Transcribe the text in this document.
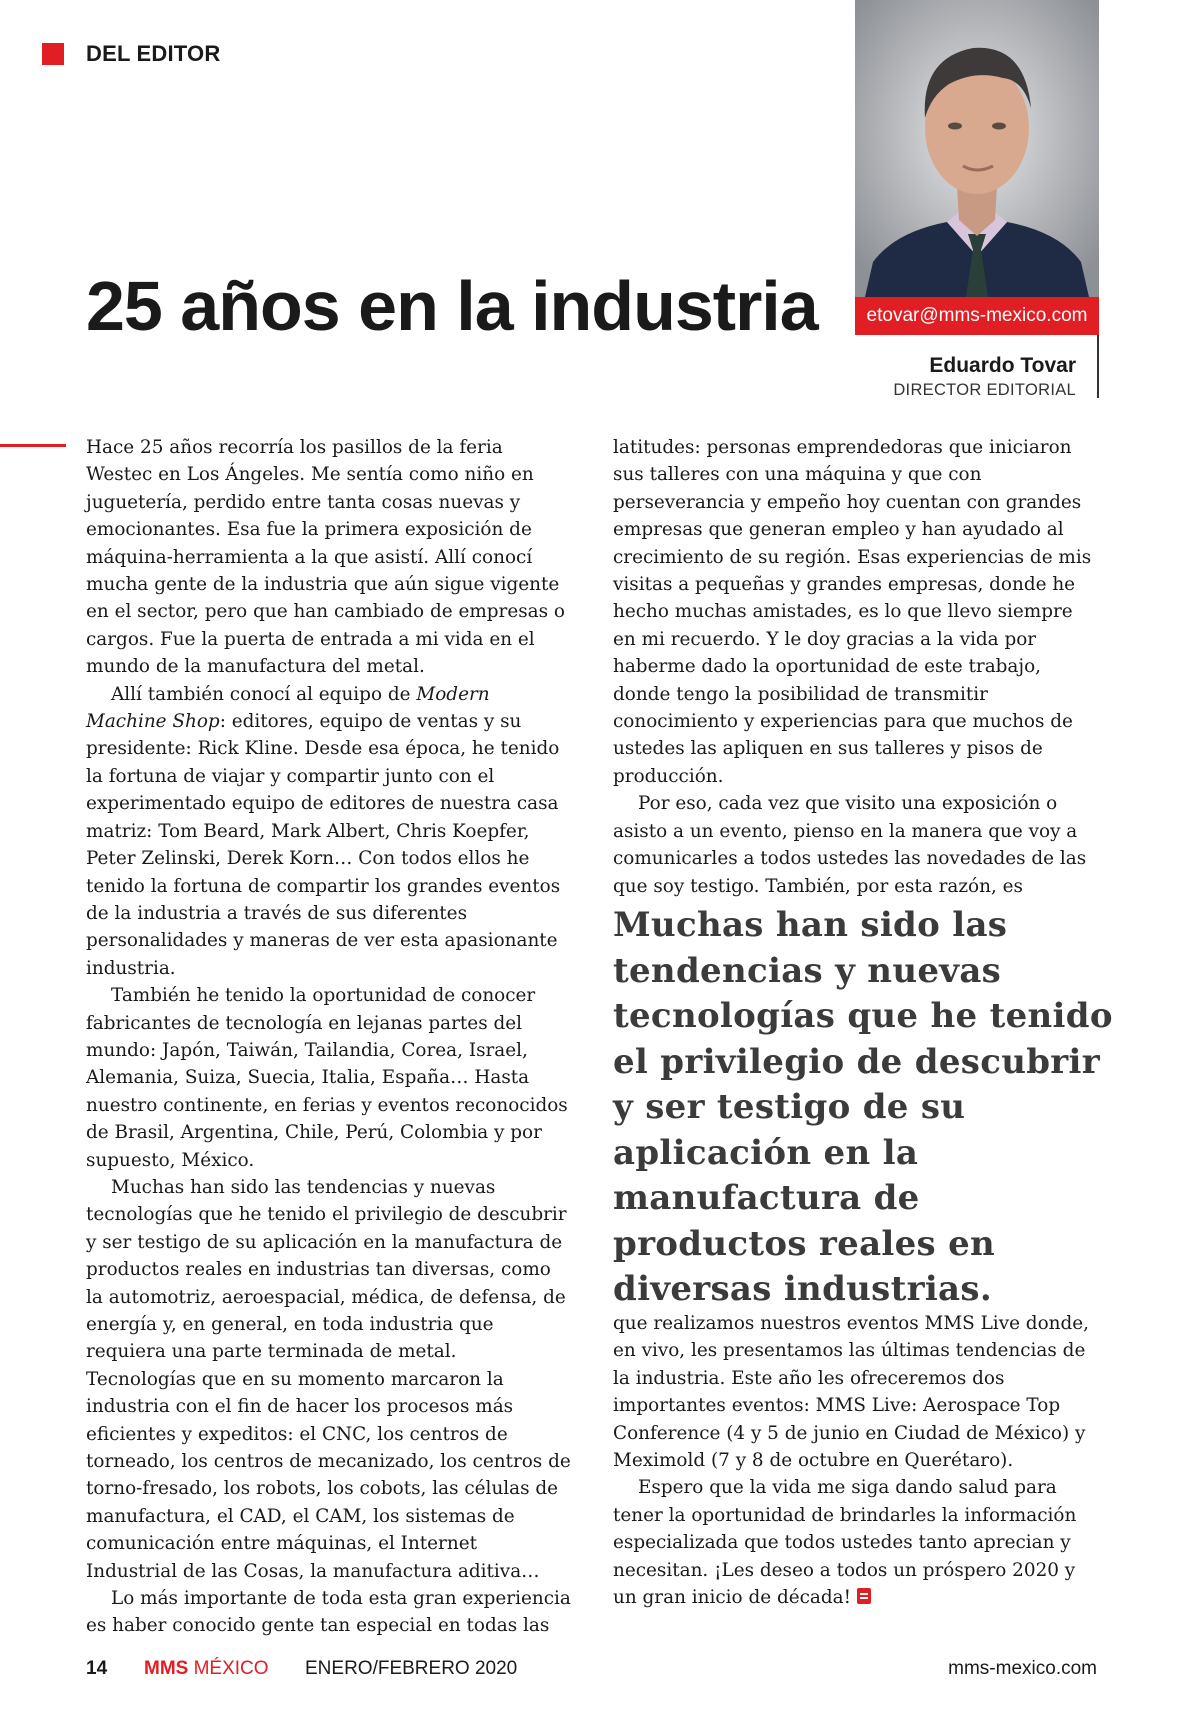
DEL EDITOR
25 años en la industria	etovar@mms-mexico.com
Eduardo Tovar
DIRECTOR EDITORIAL

Hace 25 años recorría los pasillos de la feria Westec en Los Ángeles. Me sentía como niño en juguetería, perdido entre tanta cosas nuevas y emocionantes. Esa fue la primera exposición de máquina-herramienta a la que asistí. Allí conocí mucha gente de la industria que aún sigue vigente en el sector, pero que han cambiado de empresas o cargos. Fue la puerta de entrada a mi vida en el mundo de la manufactura del metal.

Allí también conocí al equipo de Modern Machine Shop: editores, equipo de ventas y su presidente: Rick Kline. Desde esa época, he tenido la fortuna de viajar y compartir junto con el experimentado equipo de editores de nuestra casa matriz: Tom Beard, Mark Albert, Chris Koepfer, Peter Zelinski, Derek Korn… Con todos ellos he tenido la fortuna de compartir los grandes eventos de la industria a través de sus diferentes personalidades y maneras de ver esta apasionante industria.

También he tenido la oportunidad de conocer fabricantes de tecnología en lejanas partes del mundo: Japón, Taiwán, Tailandia, Corea, Israel, Alemania, Suiza, Suecia, Italia, España… Hasta nuestro continente, en ferias y eventos reconocidos de Brasil, Argentina, Chile, Perú, Colombia y por supuesto, México.

Muchas han sido las tendencias y nuevas tecnologías que he tenido el privilegio de descubrir y ser testigo de su aplicación en la manufactura de productos reales en industrias tan diversas, como la automotriz, aeroespacial, médica, de defensa, de energía y, en general, en toda industria que requiera una parte terminada de metal. Tecnologías que en su momento marcaron la industria con el fin de hacer los procesos más eficientes y expeditos: el CNC, los centros de torneado, los centros de mecanizado, los centros de torno-fresado, los robots, los cobots, las células de manufactura, el CAD, el CAM, los sistemas de comunicación entre máquinas, el Internet Industrial de las Cosas, la manufactura aditiva…

Lo más importante de toda esta gran experiencia es haber conocido gente tan especial en todas las

latitudes: personas emprendedoras que iniciaron sus talleres con una máquina y que con perseverancia y empeño hoy cuentan con grandes empresas que generan empleo y han ayudado al crecimiento de su región. Esas experiencias de mis visitas a pequeñas y grandes empresas, donde he hecho muchas amistades, es lo que llevo siempre en mi recuerdo. Y le doy gracias a la vida por haberme dado la oportunidad de este trabajo, donde tengo la posibilidad de transmitir conocimiento y experiencias para que muchos de ustedes las apliquen en sus talleres y pisos de producción.

Por eso, cada vez que visito una exposición o asisto a un evento, pienso en la manera que voy a comunicarles a todos ustedes las novedades de las que soy testigo. También, por esta razón, es

Muchas han sido las tendencias y nuevas tecnologías que he tenido el privilegio de descubrir y ser testigo de su aplicación en la manufactura de productos reales en diversas industrias.

que realizamos nuestros eventos MMS Live donde, en vivo, les presentamos las últimas tendencias de la industria. Este año les ofreceremos dos importantes eventos: MMS Live: Aerospace Top Conference (4 y 5 de junio en Ciudad de México) y Meximold (7 y 8 de octubre en Querétaro).

Espero que la vida me siga dando salud para tener la oportunidad de brindarles la información especializada que todos ustedes tanto aprecian y necesitan. ¡Les deseo a todos un próspero 2020 y un gran inicio de década!

14 MMS MÉXICO ENERO/FEBRERO 2020	mms-mexico.com
